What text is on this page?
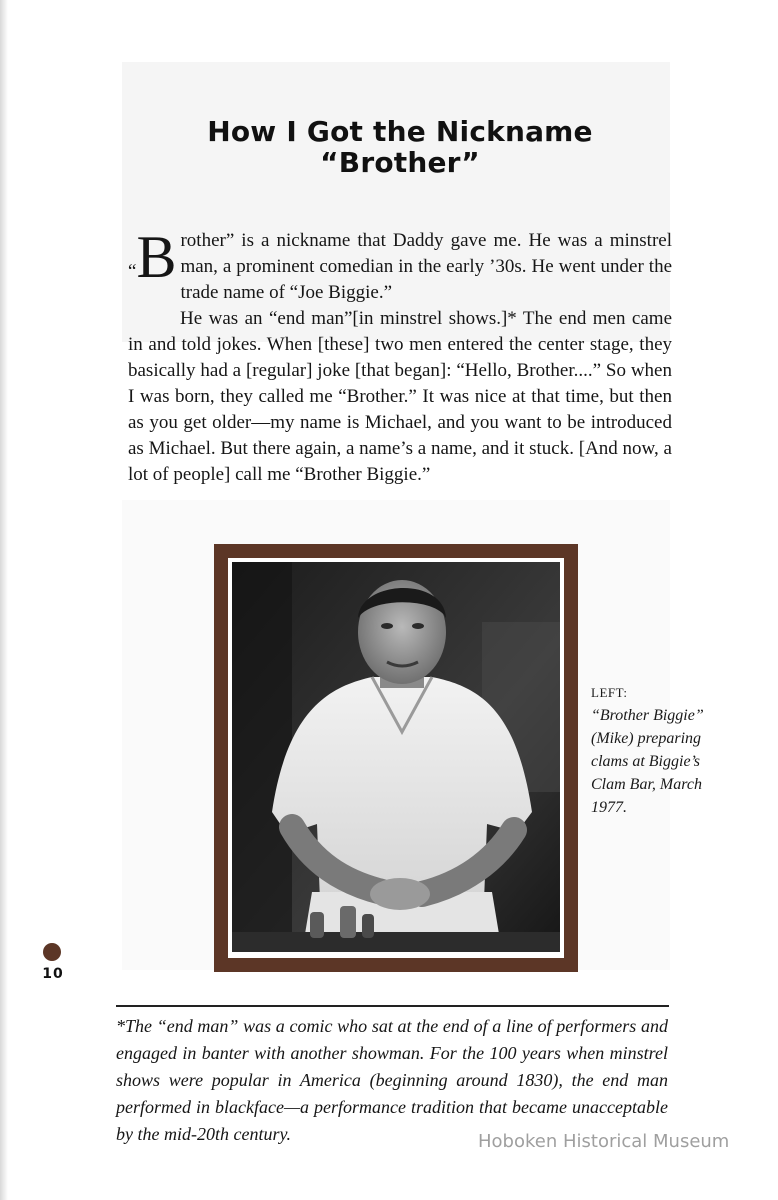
How I Got the Nickname
“Brother”

“B rother” is a nickname that Daddy gave me. He was a minstrel man, a prominent comedian in the early ’30s. He went under the trade name of “Joe Biggie.”

He was an “end man”[in minstrel shows.]* The end men came in and told jokes. When [these] two men entered the center stage, they basically had a [regular] joke [that began]: “Hello, Brother....” So when I was born, they called me “Brother.” It was nice at that time, but then as you get older—my name is Michael, and you want to be introduced as Michael. But there again, a name’s a name, and it stuck. [And now, a lot of people] call me “Brother Biggie.”

LEFT:
“Brother Biggie” (Mike) preparing clams at Biggie’s Clam Bar, March 1977.
10
*The “end man” was a comic who sat at the end of a line of performers and engaged in banter with another showman. For the 100 years when minstrel shows were popular in America (beginning around 1830), the end man performed in blackface—a performance tradition that became unacceptable by the mid-20th century.	Hoboken Historical Museum
